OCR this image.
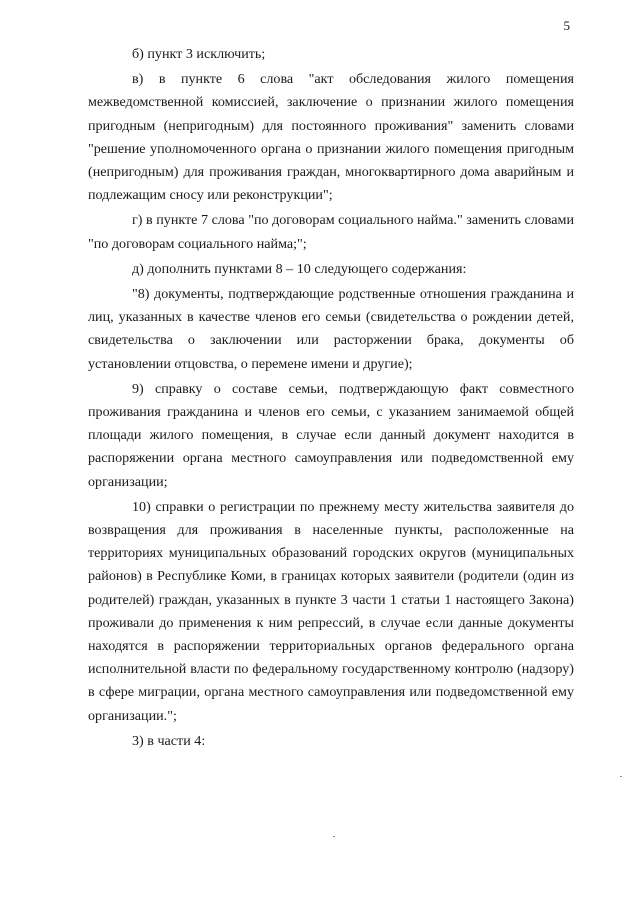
5

б) пункт 3 исключить;

в) в пункте 6 слова "акт обследования жилого помещения межведомственной комиссией, заключение о признании жилого помещения пригодным (непригодным) для постоянного проживания" заменить словами "решение уполномоченного органа о признании жилого помещения пригодным (непригодным) для проживания граждан, многоквартирного дома аварийным и подлежащим сносу или реконструкции";

г) в пункте 7 слова "по договорам социального найма." заменить словами "по договорам социального найма;";

д) дополнить пунктами 8 – 10 следующего содержания:

"8) документы, подтверждающие родственные отношения гражданина и лиц, указанных в качестве членов его семьи (свидетельства о рождении детей, свидетельства о заключении или расторжении брака, документы об установлении отцовства, о перемене имени и другие);

9) справку о составе семьи, подтверждающую факт совместного проживания гражданина и членов его семьи, с указанием занимаемой общей площади жилого помещения, в случае если данный документ находится в распоряжении органа местного самоуправления или подведомственной ему организации;

10) справки о регистрации по прежнему месту жительства заявителя до возвращения для проживания в населенные пункты, расположенные на территориях муниципальных образований городских округов (муниципальных районов) в Республике Коми, в границах которых заявители (родители (один из родителей) граждан, указанных в пункте 3 части 1 статьи 1 настоящего Закона) проживали до применения к ним репрессий, в случае если данные документы находятся в распоряжении территориальных органов федерального органа исполнительной власти по федеральному государственному контролю (надзору) в сфере миграции, органа местного самоуправления или подведомственной ему организации.";

3) в части 4:
